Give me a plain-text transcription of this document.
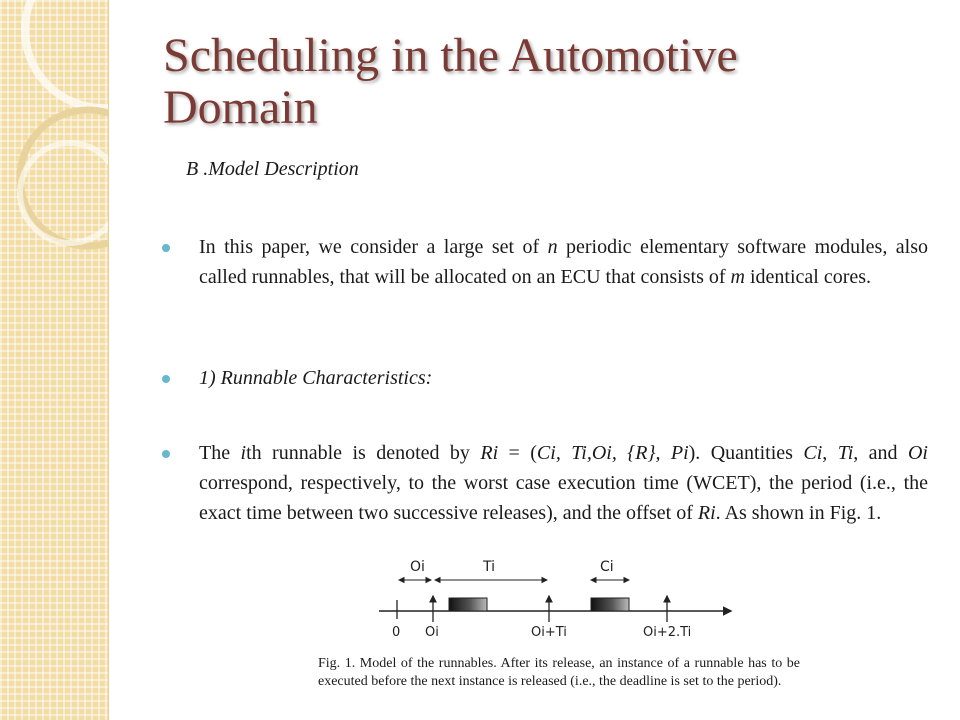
Scheduling in the Automotive Domain
B .Model Description
In this paper, we consider a large set of n periodic elementary software modules, also called runnables, that will be allocated on an ECU that consists of m identical cores.
1) Runnable Characteristics:
The ith runnable is denoted by Ri = (Ci, Ti,Oi, {R}, Pi). Quantities Ci, Ti, and Oi correspond, respectively, to the worst case execution time (WCET), the period (i.e., the exact time between two successive releases), and the offset of Ri. As shown in Fig. 1.
Oi	Ti	Ci
0 Oi	Oi+Ti	Oi+2.Ti
Fig. 1. Model of the runnables. After its release, an instance of a runnable has to be executed before the next instance is released (i.e., the deadline is set to the period).
